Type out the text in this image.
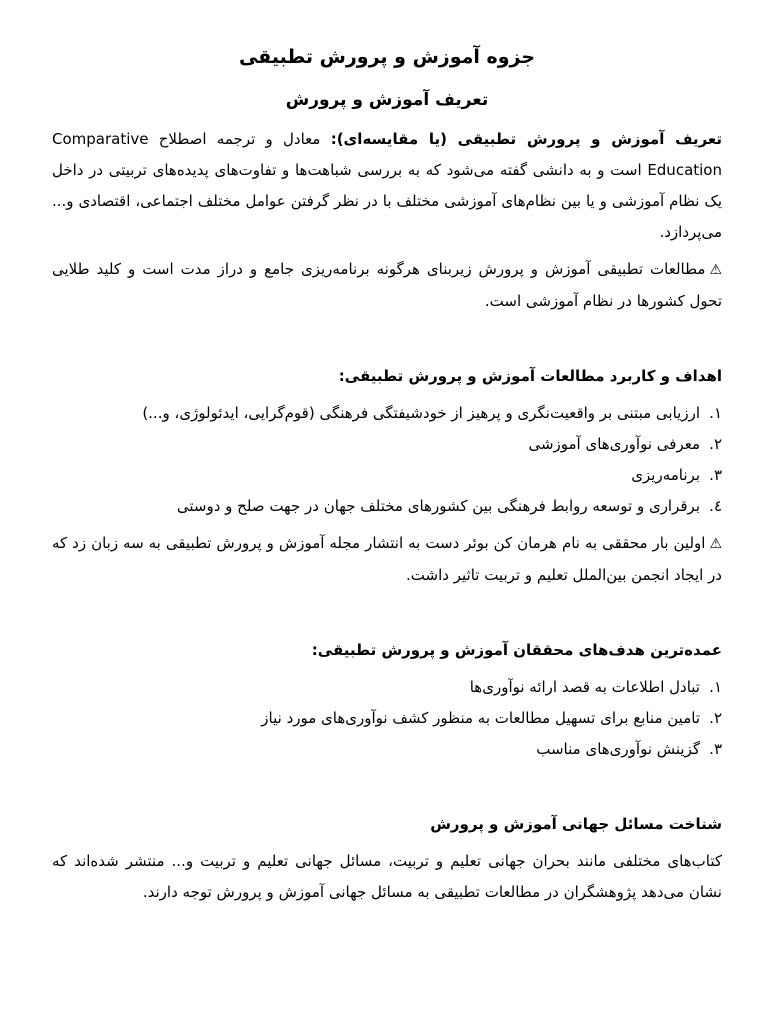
جزوه آموزش و پرورش تطبیقی
تعریف آموزش و پرورش

تعریف آموزش و پرورش تطبیقی (یا مقایسه‌ای): معادل و ترجمه اصطلاح Comparative Education است و به دانشی گفته می‌شود که به بررسی شباهت‌ها و تفاوت‌های پدیده‌های تربیتی در داخل یک نظام آموزشی و یا بین نظام‌های آموزشی مختلف با در نظر گرفتن عوامل مختلف اجتماعی، اقتصادی و... می‌پردازد.

⚠مطالعات تطبیقی آموزش و پرورش زیربنای هرگونه برنامه‌ریزی جامع و دراز مدت است و کلید طلایی تحول کشورها در نظام آموزشی است.

اهداف و کاربرد مطالعات آموزش و پرورش تطبیقی:
۱.
ارزیابی مبتنی بر واقعیت‌نگری و پرهیز از خودشیفتگی فرهنگی (قوم‌گرایی، ایدئولوژی، و...)
۲.
معرفی نوآوری‌های آموزشی
۳.
برنامه‌ریزی
٤.
برقراری و توسعه روابط فرهنگی بین کشورهای مختلف جهان در جهت صلح و دوستی

⚠اولین بار محققی به نام هرمان کن بوئر دست به انتشار مجله آموزش و پرورش تطبیقی به سه زبان زد که در ایجاد انجمن بین‌الملل تعلیم و تربیت تاثیر داشت.

عمده‌ترین هدف‌های محققان آموزش و پرورش تطبیقی:
۱.
تبادل اطلاعات به قصد ارائه نوآوری‌ها
۲.
تامین منابع برای تسهیل مطالعات به منظور کشف نوآوری‌های مورد نیاز
۳.
گزینش نوآوری‌های مناسب
شناخت مسائل جهانی آموزش و پرورش

کتاب‌های مختلفی مانند بحران جهانی تعلیم و تربیت، مسائل جهانی تعلیم و تربیت و... منتشر شده‌اند که نشان می‌دهد پژوهشگران در مطالعات تطبیقی به مسائل جهانی آموزش و پرورش توجه دارند.
